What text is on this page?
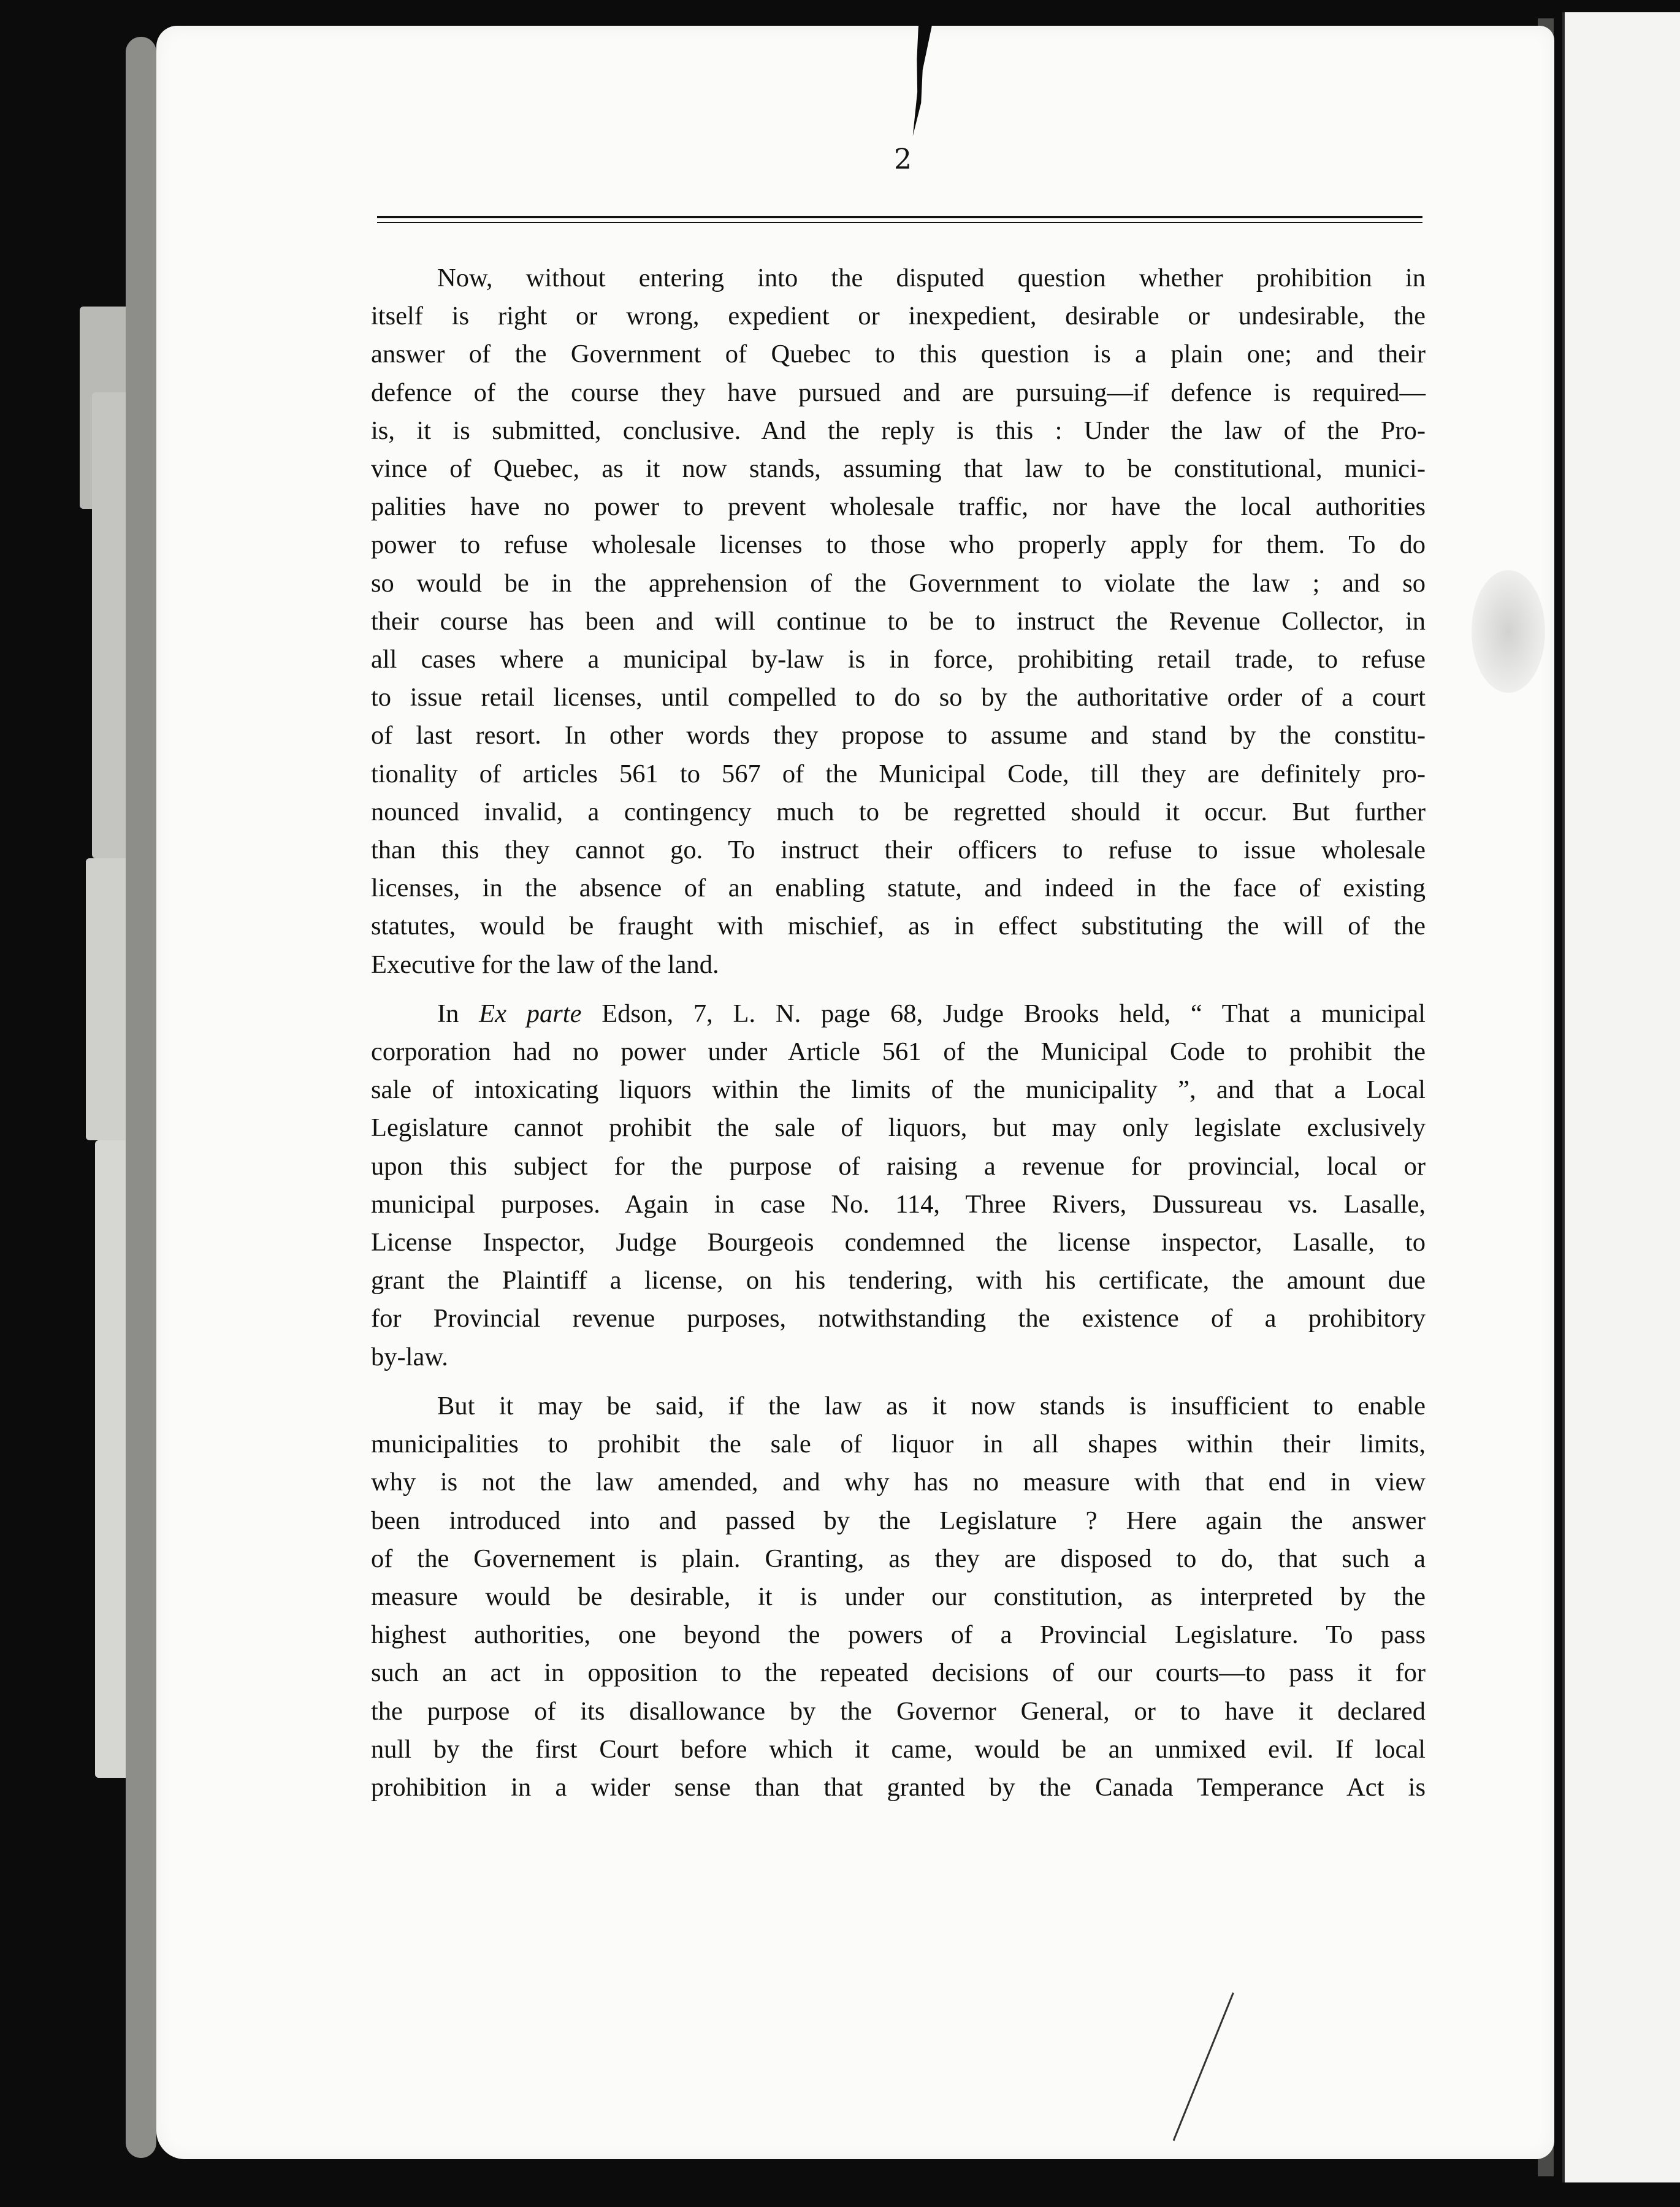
2
Now, without entering into the disputed question whether prohibition in
itself is right or wrong, expedient or inexpedient, desirable or undesirable, the
answer of the Government of Quebec to this question is a plain one; and their
defence of the course they have pursued and are pursuing—if defence is required—
is, it is submitted, conclusive. And the reply is this : Under the law of the Pro-
vince of Quebec, as it now stands, assuming that law to be constitutional, munici-
palities have no power to prevent wholesale traffic, nor have the local authorities
power to refuse wholesale licenses to those who properly apply for them. To do
so would be in the apprehension of the Government to violate the law ; and so
their course has been and will continue to be to instruct the Revenue Collector, in
all cases where a municipal by-law is in force, prohibiting retail trade, to refuse
to issue retail licenses, until compelled to do so by the authoritative order of a court
of last resort. In other words they propose to assume and stand by the constitu-
tionality of articles 561 to 567 of the Municipal Code, till they are definitely pro-
nounced invalid, a contingency much to be regretted should it occur. But further
than this they cannot go. To instruct their officers to refuse to issue wholesale
licenses, in the absence of an enabling statute, and indeed in the face of existing
statutes, would be fraught with mischief, as in effect substituting the will of the
Executive for the law of the land.
In Ex parte Edson, 7, L. N. page 68, Judge Brooks held, “ That a municipal
corporation had no power under Article 561 of the Municipal Code to prohibit the
sale of intoxicating liquors within the limits of the municipality ”, and that a Local
Legislature cannot prohibit the sale of liquors, but may only legislate exclusively
upon this subject for the purpose of raising a revenue for provincial, local or
municipal purposes. Again in case No. 114, Three Rivers, Dussureau vs. Lasalle,
License Inspector, Judge Bourgeois condemned the license inspector, Lasalle, to
grant the Plaintiff a license, on his tendering, with his certificate, the amount due
for Provincial revenue purposes, notwithstanding the existence of a prohibitory
by-law.
But it may be said, if the law as it now stands is insufficient to enable
municipalities to prohibit the sale of liquor in all shapes within their limits,
why is not the law amended, and why has no measure with that end in view
been introduced into and passed by the Legislature ? Here again the answer
of the Governement is plain. Granting, as they are disposed to do, that such a
measure would be desirable, it is under our constitution, as interpreted by the
highest authorities, one beyond the powers of a Provincial Legislature. To pass
such an act in opposition to the repeated decisions of our courts—to pass it for
the purpose of its disallowance by the Governor General, or to have it declared
null by the first Court before which it came, would be an unmixed evil. If local
prohibition in a wider sense than that granted by the Canada Temperance Act is
